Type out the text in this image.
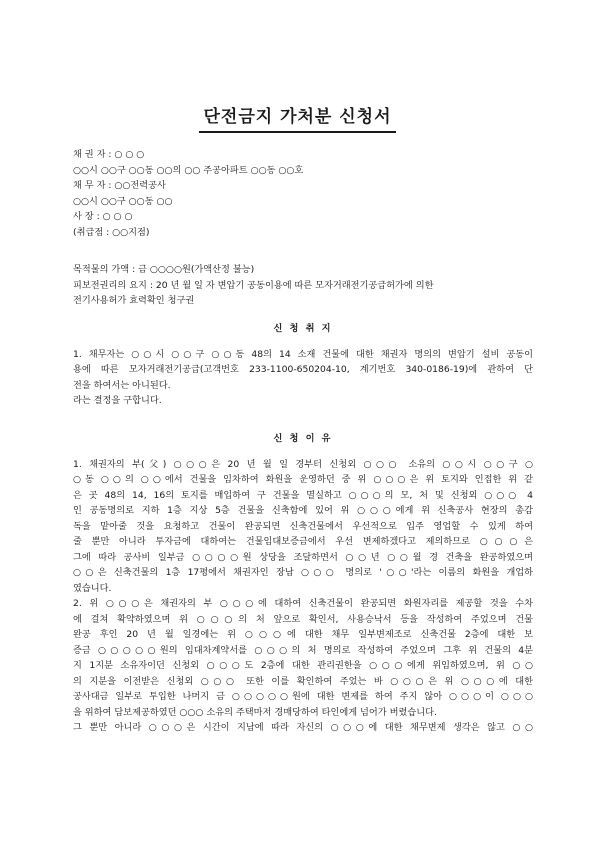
단전금지 가처분 신청서
채 권 자 : ○ ○ ○
○○시 ○○구 ○○동 ○○의 ○○ 주공아파트 ○○동 ○○호
채 무 자 : ○○전력공사
○○시 ○○구 ○○동 ○○
사 장 : ○ ○ ○
(취급점 : ○○지점)
목적물의 가액 : 금 ○○○○원(가액산정 불능)
피보전권리의 요지 : 20 년 월 일 자 변압기 공동이용에 따른 모자거래전기공급허가에 의한
전기사용허가 효력확인 청구권
신 청 취 지
1. 채무자는 ○○시 ○○구 ○○동 48의 14 소재 건물에 대한 채권자 명의의 변압기 설비 공동이
용에 따른 모자거래전기공급(고객번호 233-1100-650204-10, 계기번호 340-0186-19)에 관하여 단
전을 하여서는 아니된다.
라는 결정을 구합니다.
신 청 이 유
1. 채권자의 부(父) ○○○은 20 년 월 일 경부터 신청외 ○○○ 소유의 ○○시 ○○구 ○
○동 ○○의 ○○에서 건물을 임차하여 화원을 운영하던 중 위 ○○○은 위 토지와 인접한 위 같
은 곳 48의 14, 16의 토지를 매입하여 구 건물을 멸실하고 ○○○의 모, 처 및 신청외 ○○○ 4
인 공동명의로 지하 1층 지상 5층 건물을 신축함에 있어 위 ○○○에게 위 신축공사 현장의 총감
독을 맡아줄 것을 요청하고 건물이 완공되면 신축건물에서 우선적으로 입주 영업할 수 있게 하여
줄 뿐만 아니라 투자금에 대하여는 건물임대보증금에서 우선 변제하겠다고 제의하므로 ○○○은
그에 따라 공사비 일부금 ○○○○원 상당을 조달하면서 ○○년 ○○월 경 건축을 완공하였으며
○○은 신축건물의 1층 17평에서 채권자인 장남 ○○○ 명의로 '○○'라는 이름의 화원을 개업하
였습니다.
2. 위 ○○○은 채권자의 부 ○○○에 대하여 신축건물이 완공되면 화원자리를 제공할 것을 수차
에 걸쳐 확약하였으며 위 ○○○의 처 앞으로 확인서, 사용승낙서 등을 작성하여 주었으며 건물
완공 후인 20 년 월 일경에는 위 ○○○에 대한 채무 일부변제조로 신축건물 2층에 대한 보
증금 ○○○○○원의 임대차계약서를 ○○○의 처 명의로 작성하여 주었으며 그후 위 건물의 4분
지 1지분 소유자이던 신청외 ○○○도 2층에 대한 관리권한을 ○○○에게 위임하였으며, 위 ○○
의 지분을 이전받은 신청외 ○○○ 또한 이를 확인하여 주었는 바 ○○○은 위 ○○○에 대한
공사대금 일부로 투입한 나머지 금 ○○○○○원에 대한 변제를 하여 주지 않아 ○○○이 ○○○
을 위하여 담보제공하였던 ○○○ 소유의 주택마저 경매당하여 타인에게 넘어가 버렸습니다.
그 뿐만 아니라 ○○○은 시간이 지남에 따라 자신의 ○○○에 대한 채무변제 생각은 않고 ○○
